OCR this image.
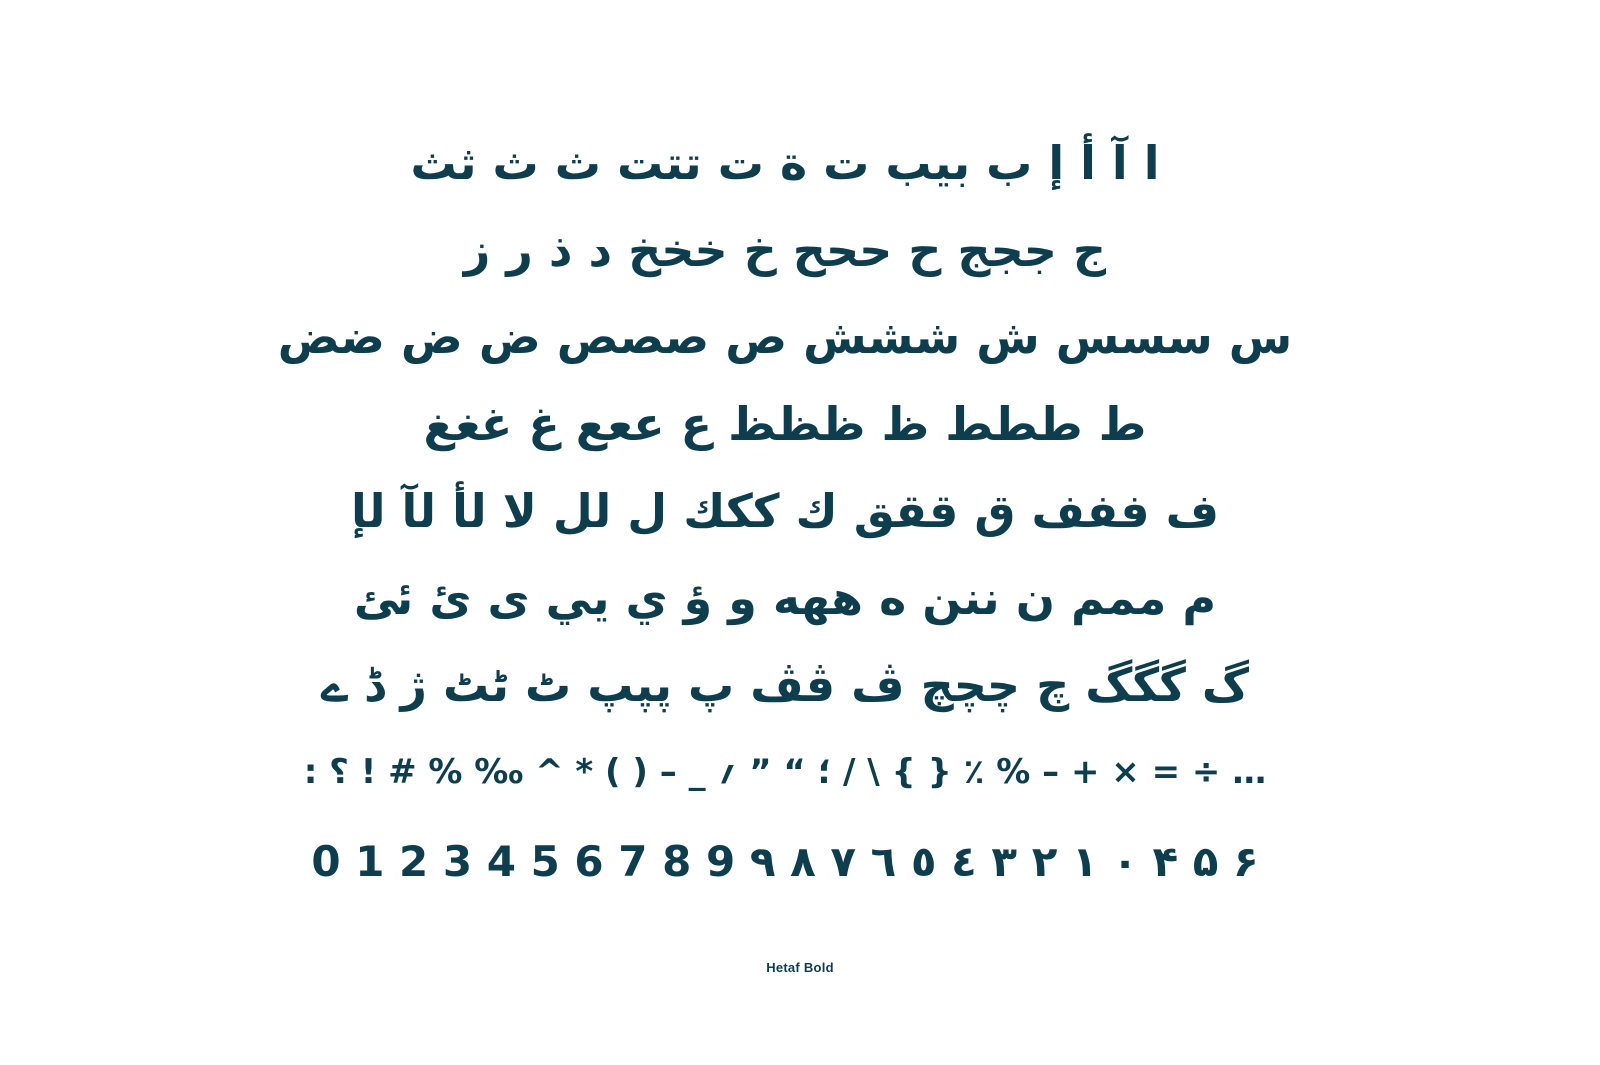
ا آ أ إ ب بيب ت ة ت تتت ث ث ثث
ج ججج ح ححح خ خخخ د ذ ر ز
س سسس ش ششش ص صصص ض ض ضض
ط ططط ظ ظظظ ع ععع غ غغغ
ف ففف ق ققق ك ككك ل لل لا لأ لآ لإ
م ممم ن ننن ه ههه و ؤ ي يي ى ئ ئئ
گ گگگ چ چچچ ڤ ڤڤ پ پپپ ٹ ٹٹ ژ ڈ ے
: ؛ “ ” ؍ _ – ( ) * ^ ‰ % # ! ؟ / \ { } ٪ % – + × = ÷ …
0 1 2 3 4 5 6 7 8 9 ٠ ١ ٢ ٣ ٤ ٥ ٦ ٧ ٨ ٩ ۴ ۵ ۶
Hetaf Bold
